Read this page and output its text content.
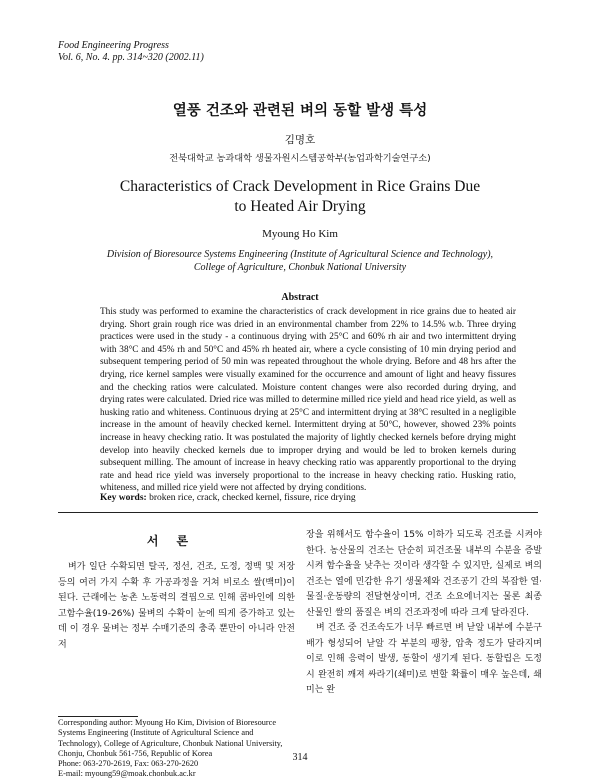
Food Engineering Progress
Vol. 6, No. 4. pp. 314~320 (2002.11)
열풍 건조와 관련된 벼의 동할 발생 특성
김명호
전북대학교 농과대학 생물자원시스템공학부(농업과학기술연구소)
Characteristics of Crack Development in Rice Grains Due
to Heated Air Drying
Myoung Ho Kim
Division of Bioresource Systems Engineering (Institute of Agricultural Science and Technology),
College of Agriculture, Chonbuk National University
Abstract
This study was performed to examine the characteristics of crack development in rice grains due to heated air drying. Short grain rough rice was dried in an environmental chamber from 22% to 14.5% w.b. Three drying practices were used in the study - a continuous drying with 25°C and 60% rh air and two intermittent drying with 38°C and 45% rh and 50°C and 45% rh heated air, where a cycle consisting of 10 min drying period and subsequent tempering period of 50 min was repeated throughout the whole drying. Before and 48 hrs after the drying, rice kernel samples were visually examined for the occurrence and amount of light and heavy fissures and the checking ratios were calculated. Moisture content changes were also recorded during drying, and drying rates were calculated. Dried rice was milled to determine milled rice yield and head rice yield, as well as husking ratio and whiteness. Continuous drying at 25°C and intermittent drying at 38°C resulted in a negligible increase in the amount of heavily checked kernel. Intermittent drying at 50°C, however, showed 23% points increase in heavy checking ratio. It was postulated the majority of lightly checked kernels before drying might develop into heavily checked kernels due to improper drying and would be led to broken kernels during subsequent milling. The amount of increase in heavy checking ratio was apparently proportional to the drying rate and head rice yield was inversely proportional to the increase in heavy checking ratio. Husking ratio, whiteness, and milled rice yield were not affected by drying conditions.
Key words: broken rice, crack, checked kernel, fissure, rice drying
서론
벼가 일단 수확되면 탈곡, 정선, 건조, 도정, 정백 및 저장 등의 여러 가지 수확 후 가공과정을 거쳐 비로소 쌀(백미)이 된다. 근래에는 농촌 노동력의 결핍으로 인해 콤바인에 의한 고함수율(19-26%) 물벼의 수확이 눈에 띄게 증가하고 있는데 이 경우 물벼는 정부 수매기준의 충족 뿐만이 아니라 안전저
Corresponding author: Myoung Ho Kim, Division of Bioresource Systems Engineering (Institute of Agricultural Science and Technology), College of Agriculture, Chonbuk National University, Chonju, Chonbuk 561-756, Republic of Korea
Phone: 063-270-2619, Fax: 063-270-2620
E-mail: myoung59@moak.chonbuk.ac.kr

장을 위해서도 함수율이 15% 이하가 되도록 건조를 시켜야 한다. 농산물의 건조는 단순히 피건조물 내부의 수분을 증발시켜 함수율을 낮추는 것이라 생각할 수 있지만, 실제로 벼의 건조는 열에 민감한 유기 생물체와 건조공기 간의 복잡한 열·물질·운동량의 전달현상이며, 건조 소요에너지는 물론 최종 산물인 쌀의 품질은 벼의 건조과정에 따라 크게 달라진다.

벼 건조 중 건조속도가 너무 빠르면 벼 낟알 내부에 수분구배가 형성되어 낟알 각 부분의 팽창, 압축 정도가 달라지며 이로 인해 응력이 발생, 동할이 생기게 된다. 동할립은 도정 시 완전히 깨져 싸라기(쇄미)로 변할 확률이 매우 높은데, 쇄미는 완

314
